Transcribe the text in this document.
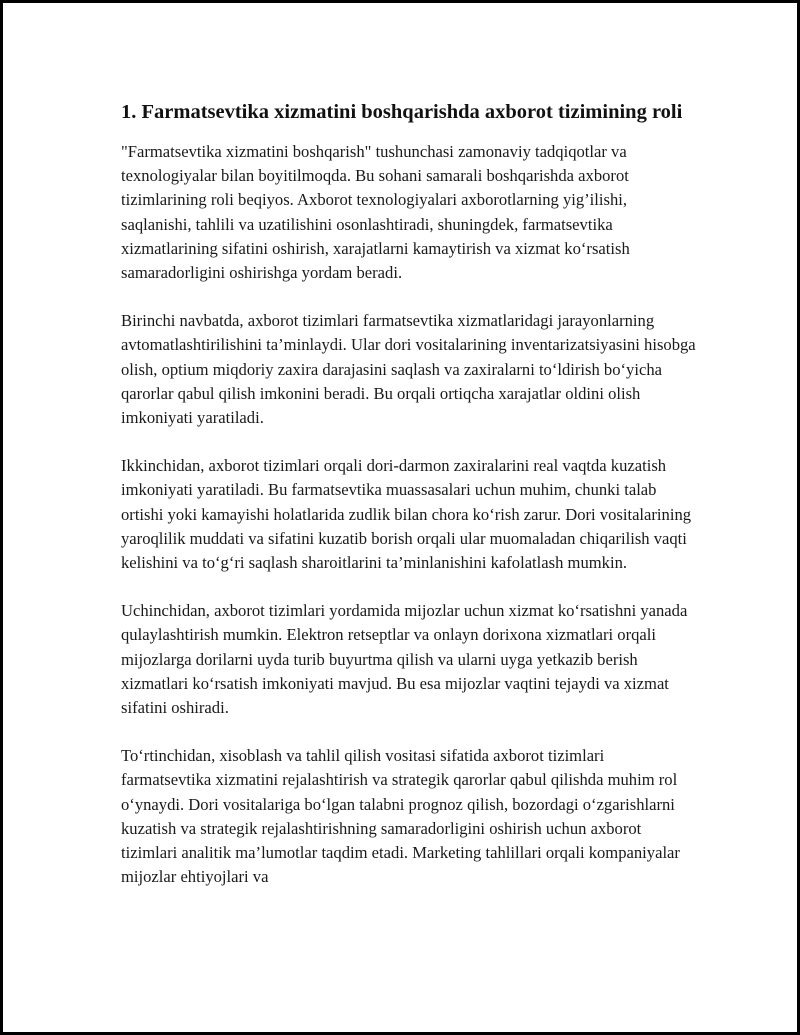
1. Farmatsevtika xizmatini boshqarishda axborot tizimining roli

"Farmatsevtika xizmatini boshqarish" tushunchasi zamonaviy tadqiqotlar va texnologiyalar bilan boyitilmoqda. Bu sohani samarali boshqarishda axborot tizimlarining roli beqiyos. Axborot texnologiyalari axborotlarning yig’ilishi, saqlanishi, tahlili va uzatilishini osonlashtiradi, shuningdek, farmatsevtika xizmatlarining sifatini oshirish, xarajatlarni kamaytirish va xizmat koʻrsatish samaradorligini oshirishga yordam beradi.

Birinchi navbatda, axborot tizimlari farmatsevtika xizmatlaridagi jarayonlarning avtomatlashtirilishini ta’minlaydi. Ular dori vositalarining inventarizatsiyasini hisobga olish, optium miqdoriy zaxira darajasini saqlash va zaxiralarni toʻldirish boʻyicha qarorlar qabul qilish imkonini beradi. Bu orqali ortiqcha xarajatlar oldini olish imkoniyati yaratiladi.

Ikkinchidan, axborot tizimlari orqali dori-darmon zaxiralarini real vaqtda kuzatish imkoniyati yaratiladi. Bu farmatsevtika muassasalari uchun muhim, chunki talab ortishi yoki kamayishi holatlarida zudlik bilan chora koʻrish zarur. Dori vositalarining yaroqlilik muddati va sifatini kuzatib borish orqali ular muomaladan chiqarilish vaqti kelishini va toʻgʻri saqlash sharoitlarini ta’minlanishini kafolatlash mumkin.

Uchinchidan, axborot tizimlari yordamida mijozlar uchun xizmat koʻrsatishni yanada qulaylashtirish mumkin. Elektron retseptlar va onlayn dorixona xizmatlari orqali mijozlarga dorilarni uyda turib buyurtma qilish va ularni uyga yetkazib berish xizmatlari koʻrsatish imkoniyati mavjud. Bu esa mijozlar vaqtini tejaydi va xizmat sifatini oshiradi.

Toʻrtinchidan, xisoblash va tahlil qilish vositasi sifatida axborot tizimlari farmatsevtika xizmatini rejalashtirish va strategik qarorlar qabul qilishda muhim rol oʻynaydi. Dori vositalariga boʻlgan talabni prognoz qilish, bozordagi oʻzgarishlarni kuzatish va strategik rejalashtirishning samaradorligini oshirish uchun axborot tizimlari analitik ma’lumotlar taqdim etadi. Marketing tahlillari orqali kompaniyalar mijozlar ehtiyojlari va
